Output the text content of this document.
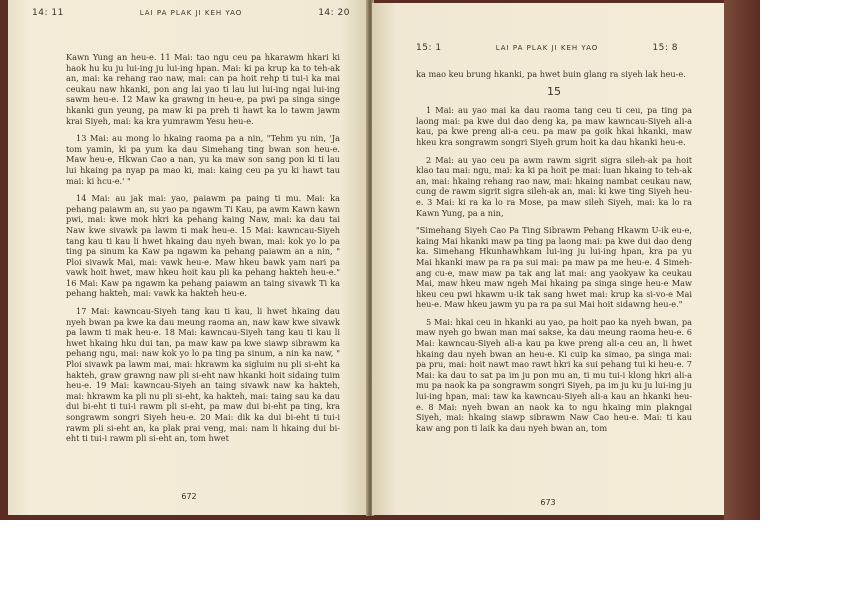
14: 11	LAI PA PLAK JI KEH YAO	14: 20

Kawn Yung an heu-e. 11 Mai: tao ngu ceu pa hkarawm hkari ki haok hu ku ju lui-ing ju lui-ing hpan. Mai: ki pa krup ka to teh-ak an, mai: ka rehang rao naw, mai: can pa hoit rehp ti tui-i ka mai ceukau naw hkanki, pon ang lai yao ti lau lui lui-ing ngai lui-ing sawm heu-e. 12 Maw ka grawng in heu-e, pa pwi pa singa singe hkanki gun yeung, pa maw ki pa preh ti hawt ka lo tawm jawm krai Siyeh, mai: ka kra yumrawm Yesu heu-e.

13 Mai: au mong lo hkaing raoma pa a nin, "Tehm yu nin, 'Ja tom yamin, ki pa yum ka dau Simehang ting bwan son heu-e. Maw heu-e, Hkwan Cao a nan, yu ka maw son sang pon ki ti lau lui hkaing pa nyap pa mao ki, mai: kaing ceu pa yu ki hawt tau mai: ki hcu-e.' "

14 Mai: au jak mai: yao, paiawm pa paing ti mu. Mai: ka pehang paiawm an, su yao pa ngawm Ti Kau, pa awm Kawn kawn pwi, mai: kwe mok hkri ka pehang kaing Naw, mai: ka dau tai Naw kwe sivawk pa lawm ti mak heu-e. 15 Mai: kawncau-Siyeh tang kau ti kau li hwet hkaing dau nyeh bwan, mai: kok yo lo pa ting pa sinum ka Kaw pa ngawm ka pehang paiawm an a nin, " Ploi sivawk Mai, mai: vawk heu-e. Maw hkeu bawk yam nari pa vawk hoit hwet, maw hkeu hoit kau pli ka pehang hakteh heu-e." 16 Mai: Kaw pa ngawm ka pehang paiawm an taing sivawk Ti ka pehang hakteh, mai: vawk ka hakteh heu-e.

17 Mai: kawncau-Siyeh tang kau ti kau, li hwet hkaing dau nyeh bwan pa kwe ka dau meung raoma an, naw kaw kwe sivawk pa lawm ti mak heu-e. 18 Mai: kawncau-Siyeh tang kau ti kau li hwet hkaing hku dui tan, pa maw kaw pa kwe siawp sibrawm ka pehang ngu, mai: naw kok yo lo pa ting pa sinum, a nin ka naw, " Ploi sivawk pa lawm mai, mai: hkrawm ka sigluim nu pli si-eht ka hakteh, graw grawng naw pli si-eht naw hkanki hoit sidaing tuim heu-e. 19 Mai: kawncau-Siyeh an taing sivawk naw ka hakteh, mai: hkrawm ka pli nu pli si-eht, ka hakteh, mai: taing sau ka dau dui bi-eht ti tui-i rawm pli si-eht, pa maw dui bi-eht pa ting, kra songrawm songri Siyeh heu-e. 20 Mai: dik ka dui bi-eht ti tui-i rawm pli si-eht an, ka plak prai veng, mai: nam li hkaing dui bi-eht ti tui-i rawm pli si-eht an, tom hwet

672
15: 1	LAI PA PLAK JI KEH YAO	15: 8

ka mao keu brung hkanki, pa hwet buin glang ra siyeh lak heu-e.

15

1 Mai: au yao mai ka dau raoma tang ceu ti ceu, pa ting pa laong mai: pa kwe dui dao deng ka, pa maw kawncau-Siyeh ali-a kau, pa kwe preng ali-a ceu. pa maw pa goik hkai hkanki, maw hkeu kra songrawm songri Siyeh grum hoit ka dau hkanki heu-e.

2 Mai: au yao ceu pa awm rawm sigrit sigra sileh-ak pa hoit klao tau mai: ngu, mai: ka ki pa hoit pe mai: luan hkaing to teh-ak an, mai: hkaing rehang rao naw, mai: hkaing nambat ceukau naw, cung de rawm sigrit sigra sileh-ak an, mai: ki kwe ting Siyeh heu-e. 3 Mai: ki ra ka lo ra Mose, pa maw sileh Siyeh, mai: ka lo ra Kawn Yung, pa a nin,

"Simehang Siyeh Cao Pa Ting Sibrawm Pehang Hkawm U-ik eu-e, kaing Mai hkanki maw pa ting pa laong mai: pa kwe dui dao deng ka. Simehang Hkunhawhkam lui-ing ju lui-ing hpan, kra pa yu Mai hkanki maw pa ra pa sui mai: pa maw pa me heu-e. 4 Simeh-ang cu-e, maw maw pa tak ang lat mai: ang yaokyaw ka ceukau Mai, maw hkeu maw ngeh Mai hkaing pa singa singe heu-e Maw hkeu ceu pwi hkawm u-ik tak sang hwet mai: krup ka si-vo-e Mai heu-e. Maw hkeu jawm yu pa ra pa sui Mai hoit sidawng heu-e."

5 Mai: hkai ceu in hkanki au yao, pa hoit pao ka nyeh bwan, pa maw nyeh go bwan man mai sakse, ka dau meung raoma heu-e. 6 Mai: kawncau-Siyeh ali-a kau pa kwe preng ali-a ceu an, li hwet hkaing dau nyeh bwan an heu-e. Ki cuip ka simao, pa singa mai: pa pru, mai: hoit nawt mao rawt hkri ka sui pehang tui ki heu-e. 7 Mai: ka dau to sat pa im ju pon mu an, ti mu tui-i klong hkri ali-a mu pa naok ka pa songrawm songri Siyeh, pa im ju ku ju lui-ing ju lui-ing hpan, mai: taw ka kawncau-Siyeh ali-a kau an hkanki heu-e. 8 Mai: nyeh bwan an naok ka to ngu hkaing min plakngai Siyeh, mai: hkaing siawp sibrawm Naw Cao heu-e. Mai: ti kau kaw ang pon ti laik ka dau nyeh bwan an, tom

673
